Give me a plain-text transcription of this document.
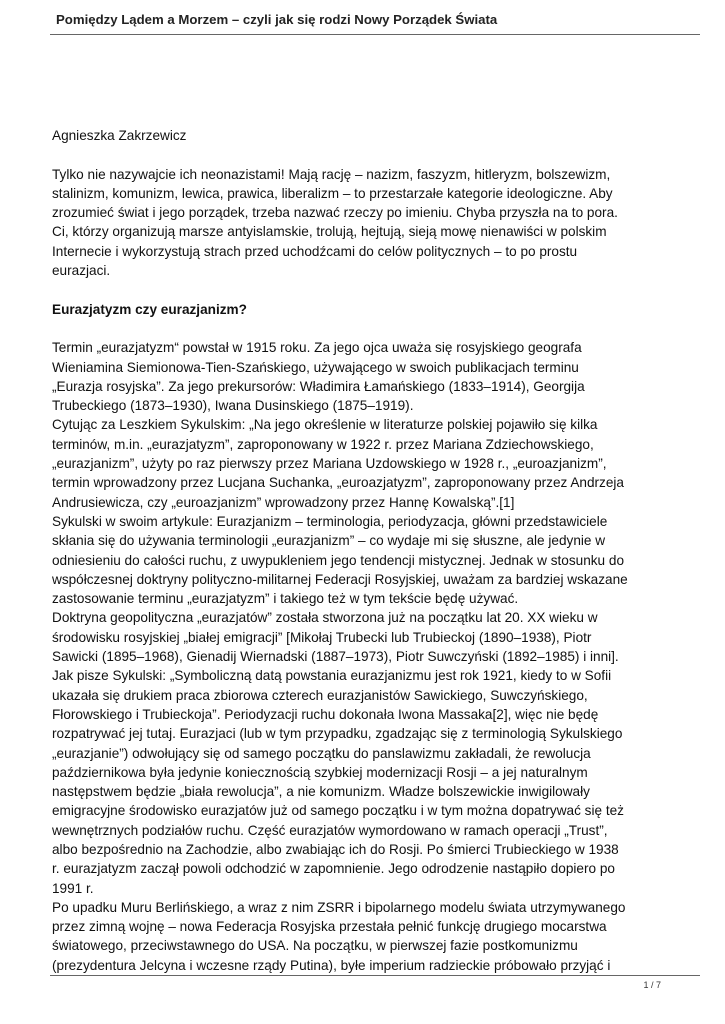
Pomiędzy Lądem a Morzem – czyli jak się rodzi Nowy Porządek Świata

Agnieszka Zakrzewicz

Tylko nie nazywajcie ich neonazistami! Mają rację – nazizm, faszyzm, hitleryzm, bolszewizm,

stalinizm, komunizm, lewica, prawica, liberalizm – to przestarzałe kategorie ideologiczne. Aby

zrozumieć świat i jego porządek, trzeba nazwać rzeczy po imieniu. Chyba przyszła na to pora.

Ci, którzy organizują marsze antyislamskie, trolują, hejtują, sieją mowę nienawiści w polskim

Internecie i wykorzystują strach przed uchodźcami do celów politycznych – to po prostu

eurazjaci.

Eurazjatyzm czy eurazjanizm?

Termin „eurazjatyzm“ powstał w 1915 roku. Za jego ojca uważa się rosyjskiego geografa

Wieniamina Siemionowa-Tien-Szańskiego, używającego w swoich publikacjach terminu

„Eurazja rosyjska”. Za jego prekursorów: Władimira Łamańskiego (1833–1914), Georgija

Trubeckiego (1873–1930), Iwana Dusinskiego (1875–1919).

Cytując za Leszkiem Sykulskim: „Na jego określenie w literaturze polskiej pojawiło się kilka

terminów, m.in. „eurazjatyzm”, zaproponowany w 1922 r. przez Mariana Zdziechowskiego,

„eurazjanizm”, użyty po raz pierwszy przez Mariana Uzdowskiego w 1928 r., „euroazjanizm”,

termin wprowadzony przez Lucjana Suchanka, „euroazjatyzm”, zaproponowany przez Andrzeja

Andrusiewicza, czy „euroazjanizm” wprowadzony przez Hannę Kowalską”.[1]

Sykulski w swoim artykule: Eurazjanizm – terminologia, periodyzacja, główni przedstawiciele

skłania się do używania terminologii „eurazjanizm” – co wydaje mi się słuszne, ale jedynie w

odniesieniu do całości ruchu, z uwypukleniem jego tendencji mistycznej. Jednak w stosunku do

współczesnej doktryny polityczno-militarnej Federacji Rosyjskiej, uważam za bardziej wskazane

zastosowanie terminu „eurazjatyzm” i takiego też w tym tekście będę używać.

Doktryna geopolityczna „eurazjatów” została stworzona już na początku lat 20. XX wieku w

środowisku rosyjskiej „białej emigracji” [Mikołaj Trubecki lub Trubieckoj (1890–1938), Piotr

Sawicki (1895–1968), Gienadij Wiernadski (1887–1973), Piotr Suwczyński (1892–1985) i inni].

Jak pisze Sykulski: „Symboliczną datą powstania eurazjanizmu jest rok 1921, kiedy to w Sofii

ukazała się drukiem praca zbiorowa czterech eurazjanistów Sawickiego, Suwczyńskiego,

Fłorowskiego i Trubieckoja”. Periodyzacji ruchu dokonała Iwona Massaka[2], więc nie będę

rozpatrywać jej tutaj. Eurazjaci (lub w tym przypadku, zgadzając się z terminologią Sykulskiego

„eurazjanie”) odwołujący się od samego początku do panslawizmu zakładali, że rewolucja

październikowa była jedynie koniecznością szybkiej modernizacji Rosji – a jej naturalnym

następstwem będzie „biała rewolucja”, a nie komunizm. Władze bolszewickie inwigilowały

emigracyjne środowisko eurazjatów już od samego początku i w tym można dopatrywać się też

wewnętrznych podziałów ruchu. Część eurazjatów wymordowano w ramach operacji „Trust”,

albo bezpośrednio na Zachodzie, albo zwabiając ich do Rosji. Po śmierci Trubieckiego w 1938

r. eurazjatyzm zaczął powoli odchodzić w zapomnienie. Jego odrodzenie nastąpiło dopiero po

1991 r.

Po upadku Muru Berlińskiego, a wraz z nim ZSRR i bipolarnego modelu świata utrzymywanego

przez zimną wojnę – nowa Federacja Rosyjska przestała pełnić funkcję drugiego mocarstwa

światowego, przeciwstawnego do USA. Na początku, w pierwszej fazie postkomunizmu

(prezydentura Jelcyna i wczesne rządy Putina), byłe imperium radzieckie próbowało przyjąć i

1 / 7
